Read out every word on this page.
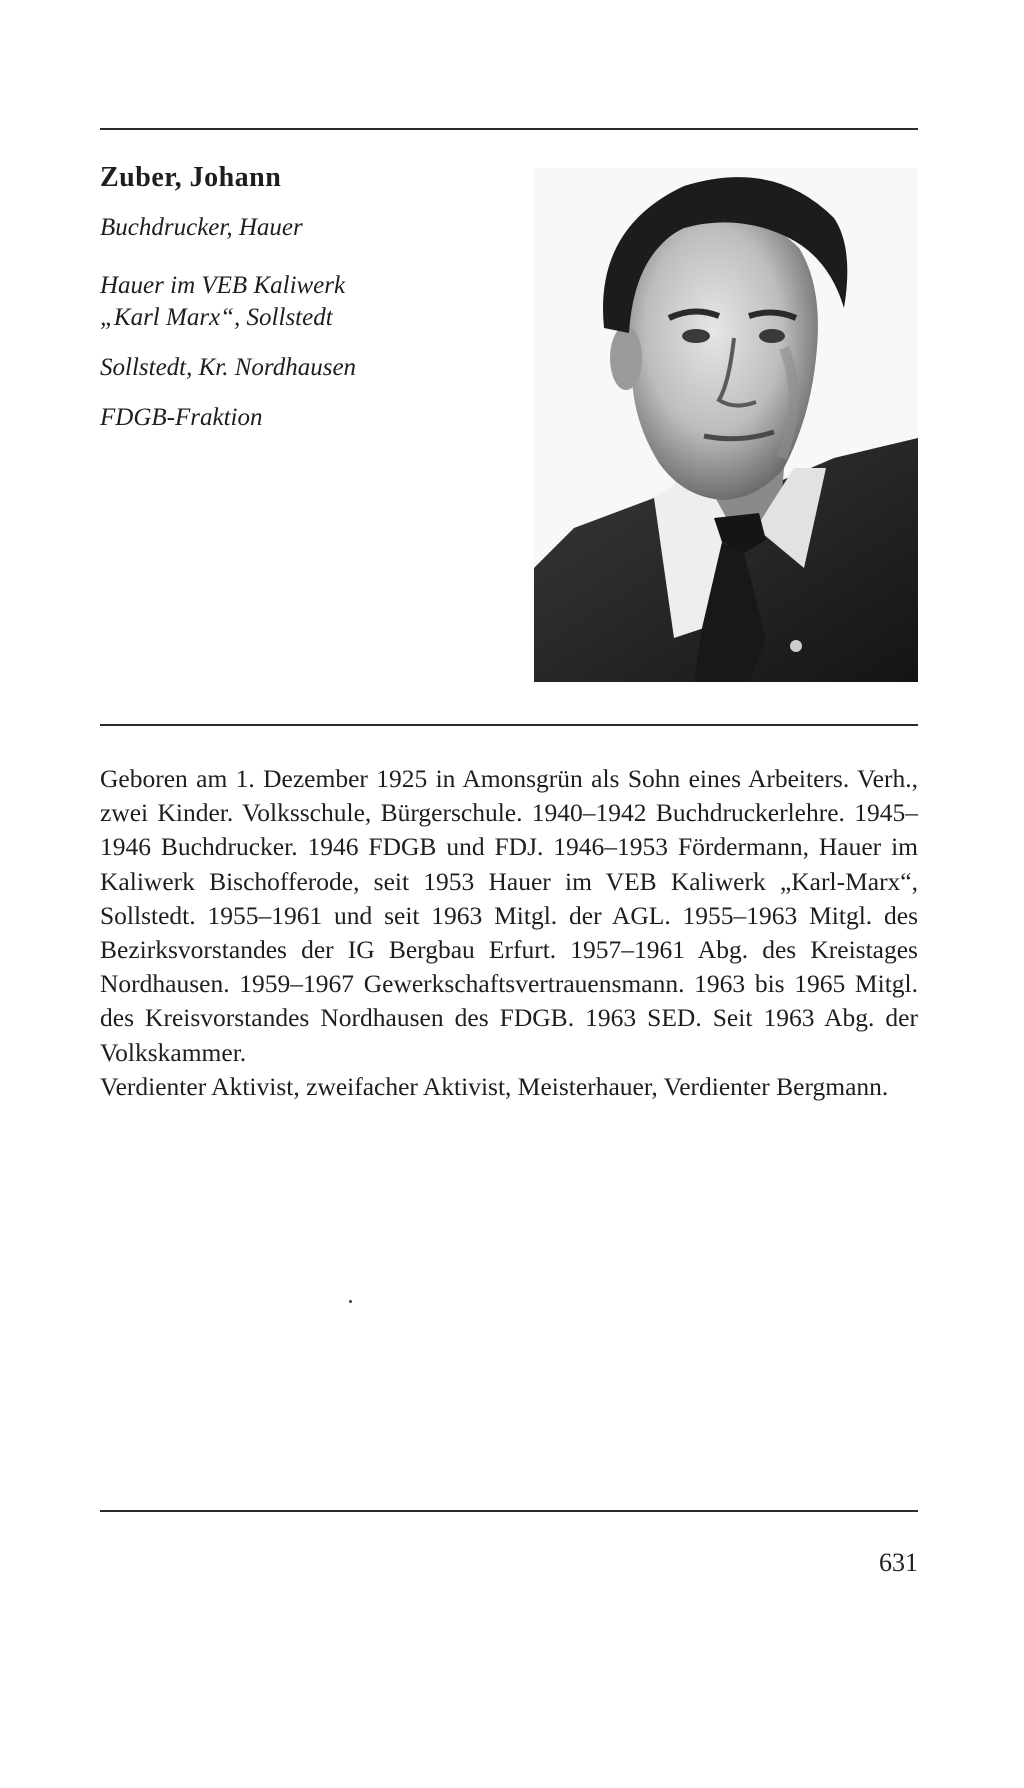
Zuber, Johann

Buchdrucker, Hauer

Hauer im VEB Kaliwerk

„Karl Marx“, Sollstedt

Sollstedt, Kr. Nordhausen

FDGB-Fraktion

Geboren am 1. Dezember 1925 in Amonsgrün als Sohn eines Arbeiters. Verh., zwei Kinder. Volksschule, Bürgerschule. 1940–1942 Buchdruckerlehre. 1945–1946 Buchdrucker. 1946 FDGB und FDJ. 1946–1953 Fördermann, Hauer im Kaliwerk Bischofferode, seit 1953 Hauer im VEB Kaliwerk „Karl-Marx“, Sollstedt. 1955–1961 und seit 1963 Mitgl. der AGL. 1955–1963 Mitgl. des Bezirksvorstandes der IG Bergbau Erfurt. 1957–1961 Abg. des Kreistages Nordhausen. 1959–1967 Gewerkschaftsvertrauensmann. 1963 bis 1965 Mitgl. des Kreisvorstandes Nordhausen des FDGB. 1963 SED. Seit 1963 Abg. der Volkskammer.

Verdienter Aktivist, zweifacher Aktivist, Meisterhauer, Verdienter Bergmann.

631
